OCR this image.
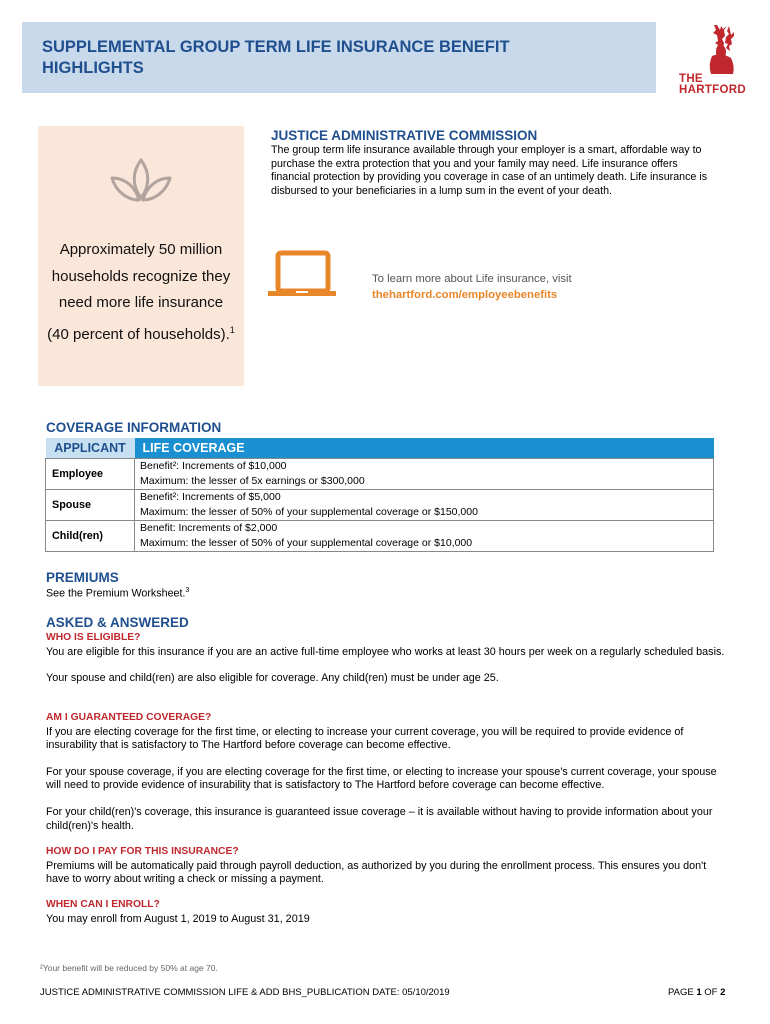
SUPPLEMENTAL GROUP TERM LIFE INSURANCE BENEFIT HIGHLIGHTS
THE
HARTFORD
Approximately 50 million households recognize they need more life insurance (40 percent of households).$^1$
JUSTICE ADMINISTRATIVE COMMISSION
The group term life insurance available through your employer is a smart, affordable way to purchase the extra protection that you and your family may need. Life insurance offers financial protection by providing you coverage in case of an untimely death. Life insurance is disbursed to your beneficiaries in a lump sum in the event of your death.
To learn more about Life insurance, visit
thehartford.com/employeebenefits
COVERAGE INFORMATION
APPLICANT	LIFE COVERAGE
Employee	Benefit²: Increments of $10,000
Maximum: the lesser of 5x earnings or $300,000

Spouse	Benefit²: Increments of $5,000
Maximum: the lesser of 50% of your supplemental coverage or $150,000

Child(ren)	Benefit: Increments of $2,000
Maximum: the lesser of 50% of your supplemental coverage or $10,000
PREMIUMS
See the Premium Worksheet.$^3$
ASKED & ANSWERED
WHO IS ELIGIBLE?
You are eligible for this insurance if you are an active full-time employee who works at least 30 hours per week on a regularly scheduled basis.
Your spouse and child(ren) are also eligible for coverage. Any child(ren) must be under age 25.
AM I GUARANTEED COVERAGE?
If you are electing coverage for the first time, or electing to increase your current coverage, you will be required to provide evidence of insurability that is satisfactory to The Hartford before coverage can become effective.
For your spouse coverage, if you are electing coverage for the first time, or electing to increase your spouse's current coverage, your spouse will need to provide evidence of insurability that is satisfactory to The Hartford before coverage can become effective.
For your child(ren)'s coverage, this insurance is guaranteed issue coverage – it is available without having to provide information about your child(ren)'s health.
HOW DO I PAY FOR THIS INSURANCE?
Premiums will be automatically paid through payroll deduction, as authorized by you during the enrollment process. This ensures you don't have to worry about writing a check or missing a payment.
WHEN CAN I ENROLL?
You may enroll from August 1, 2019 to August 31, 2019
²Your benefit will be reduced by 50% at age 70.
JUSTICE ADMINISTRATIVE COMMISSION LIFE & ADD BHS_PUBLICATION DATE: 05/10/2019	PAGE 1 OF 2
